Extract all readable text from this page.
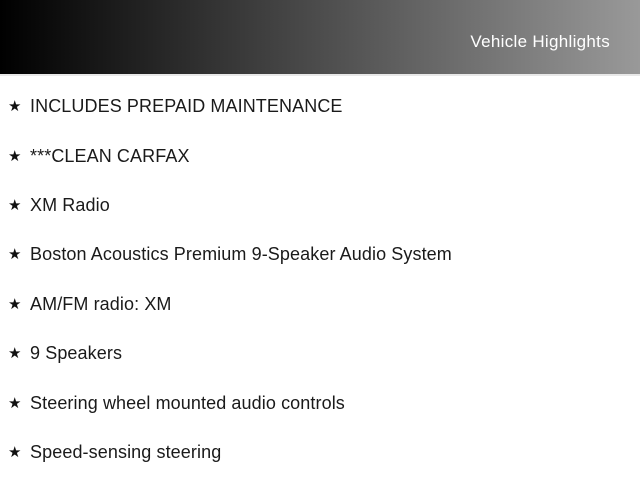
Vehicle Highlights
★ INCLUDES PREPAID MAINTENANCE
★ ***CLEAN CARFAX
★ XM Radio
★ Boston Acoustics Premium 9-Speaker Audio System
★ AM/FM radio: XM
★ 9 Speakers
★ Steering wheel mounted audio controls
★ Speed-sensing steering
